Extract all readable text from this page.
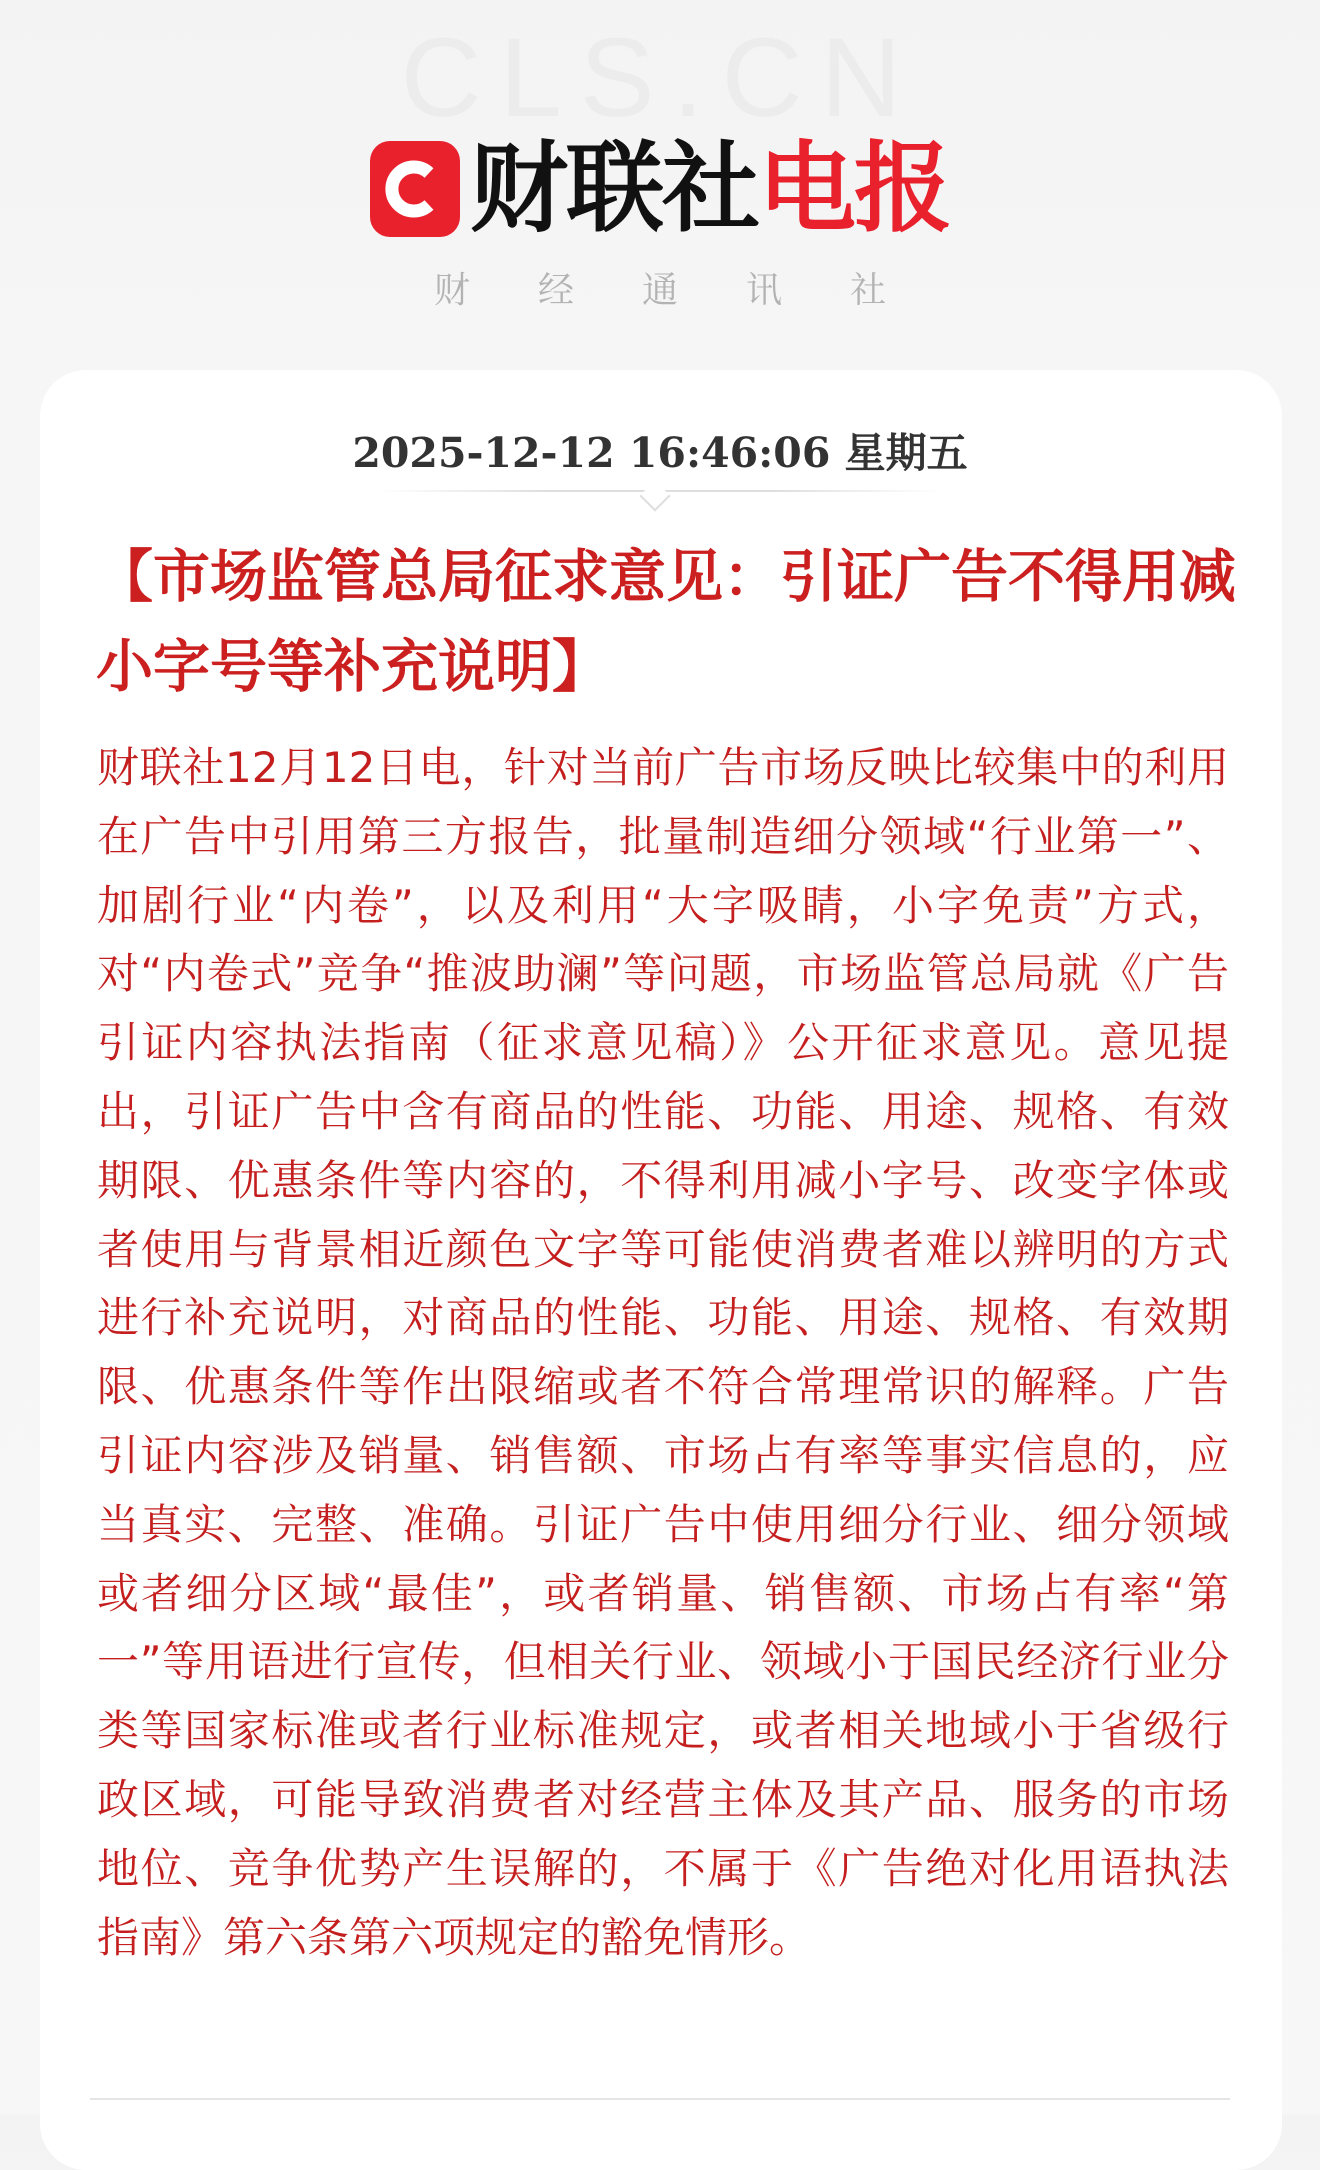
CLS.CN
财联社 电报
财经通讯社
2025-12-12 16:46:06 星期五
【市场监管总局征求意见：引证广告不得用减小字号等补充说明】

财联社12月12日电，针对当前广告市场反映比较集中的利用在广告中引用第三方报告，批量制造细分领域“行业第一”、加剧行业“内卷”，以及利用“大字吸睛，小字免责”方式，对“内卷式”竞争“推波助澜”等问题，市场监管总局就《广告引证内容执法指南（征求意见稿）》公开征求意见。意见提出，引证广告中含有商品的性能、功能、用途、规格、有效期限、优惠条件等内容的，不得利用减小字号、改变字体或者使用与背景相近颜色文字等可能使消费者难以辨明的方式进行补充说明，对商品的性能、功能、用途、规格、有效期限、优惠条件等作出限缩或者不符合常理常识的解释。广告引证内容涉及销量、销售额、市场占有率等事实信息的，应当真实、完整、准确。引证广告中使用细分行业、细分领域或者细分区域“最佳”，或者销量、销售额、市场占有率“第一”等用语进行宣传，但相关行业、领域小于国民经济行业分类等国家标准或者行业标准规定，或者相关地域小于省级行政区域，可能导致消费者对经营主体及其产品、服务的市场地位、竞争优势产生误解的，不属于《广告绝对化用语执法指南》第六条第六项规定的豁免情形。
